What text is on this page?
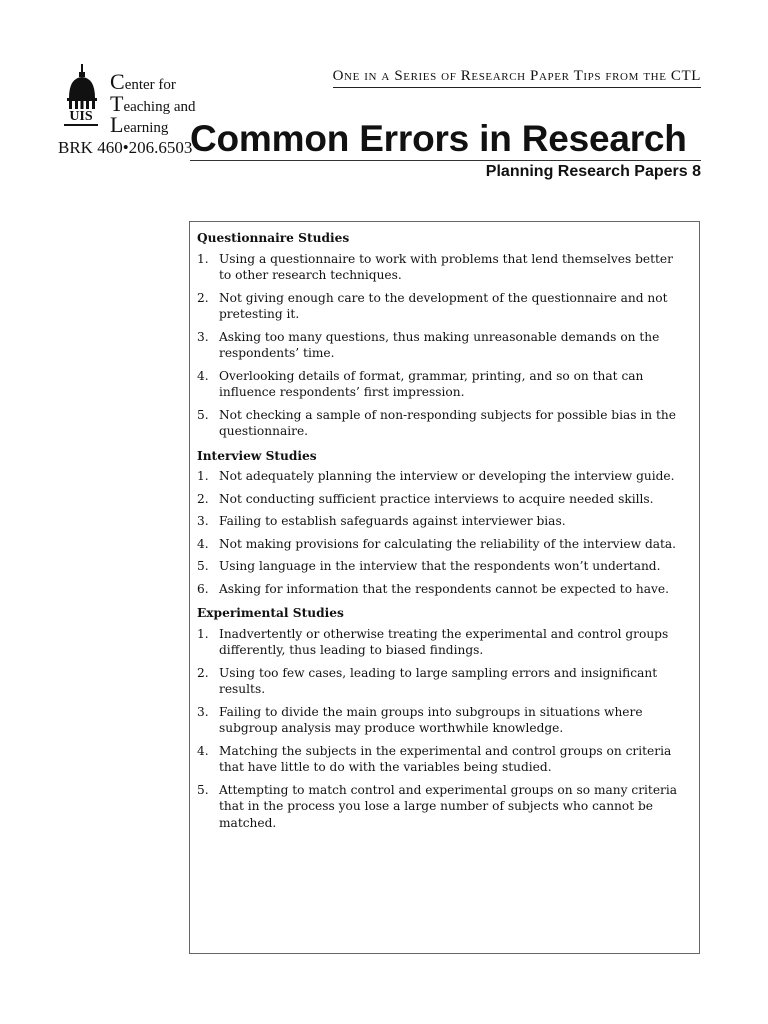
UIS
Center for
Teaching and
Learning
BRK 460•206.6503
One in a Series of Research Paper Tips from the CTL
Common Errors in Research
Planning Research Papers 8
Questionnaire Studies
1. Using a questionnaire to work with problems that lend themselves better to other research techniques.
2. Not giving enough care to the development of the questionnaire and not pretesting it.
3. Asking too many questions, thus making unreasonable demands on the respondents’ time.
4. Overlooking details of format, grammar, printing, and so on that can influence respondents’ first impression.
5. Not checking a sample of non-responding subjects for possible bias in the questionnaire.
Interview Studies
1. Not adequately planning the interview or developing the interview guide.
2. Not conducting sufficient practice interviews to acquire needed skills.
3. Failing to establish safeguards against interviewer bias.
4. Not making provisions for calculating the reliability of the interview data.
5. Using language in the interview that the respondents won’t undertand.
6. Asking for information that the respondents cannot be expected to have.
Experimental Studies
1. Inadvertently or otherwise treating the experimental and control groups differently, thus leading to biased findings.
2. Using too few cases, leading to large sampling errors and insignificant results.
3. Failing to divide the main groups into subgroups in situations where subgroup analysis may produce worthwhile knowledge.
4. Matching the subjects in the experimental and control groups on criteria that have little to do with the variables being studied.
5. Attempting to match control and experimental groups on so many criteria that in the process you lose a large number of subjects who cannot be matched.
